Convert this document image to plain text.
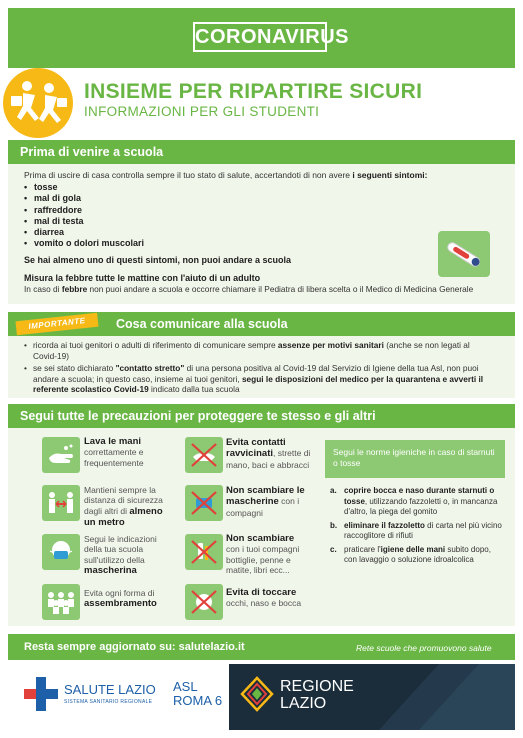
CORONAVIRUS
INSIEME PER RIPARTIRE SICURI
INFORMAZIONI PER GLI STUDENTI
Prima di venire a scuola
Prima di uscire di casa controlla sempre il tuo stato di salute, accertandoti di non avere i seguenti sintomi:
• tosse
• mal di gola
• raffreddore
• mal di testa
• diarrea
• vomito o dolori muscolari
Se hai almeno uno di questi sintomi, non puoi andare a scuola
Misura la febbre tutte le mattine con l'aiuto di un adulto
In caso di febbre non puoi andare a scuola e occorre chiamare il Pediatra di libera scelta o il Medico di Medicina Generale
Cosa comunicare alla scuola
IMPORTANTE
• ricorda ai tuoi genitori o adulti di riferimento di comunicare sempre assenze per motivi sanitari (anche se non legati al Covid-19)
• se sei stato dichiarato "contatto stretto" di una persona positiva al Covid-19 dal Servizio di Igiene della tua Asl, non puoi andare a scuola; in questo caso, insieme ai tuoi genitori, segui le disposizioni del medico per la quarantena e avverti il referente scolastico Covid-19 indicato dalla tua scuola
Segui tutte le precauzioni per proteggere te stesso e gli altri
Lava le mani
correttamente e frequentemente
Mantieni sempre la distanza di sicurezza dagli altri di almeno un metro
Segui le indicazioni della tua scuola sull'utilizzo della mascherina
Evita ogni forma di assembramento
Evita contatti ravvicinati, strette di mano, baci e abbracci
Non scambiare le mascherine con i compagni
Non scambiare
con i tuoi compagni bottiglie, penne e matite, libri ecc...
Evita di toccare
occhi, naso e bocca
Segui le norme igieniche in caso di starnuti o tosse
a. coprire bocca e naso durante starnuti o tosse, utilizzando fazzoletti o, in mancanza d'altro, la piega del gomito
b. eliminare il fazzoletto di carta nel più vicino raccoglitore di rifiuti
c. praticare l'igiene delle mani subito dopo, con lavaggio o soluzione idroalcolica
Resta sempre aggiornato su: salutelazio.it	Rete scuole che promuovono salute
SALUTE LAZIO
SISTEMA SANITARIO REGIONALE
ASL
ROMA 6
REGIONE
LAZIO
